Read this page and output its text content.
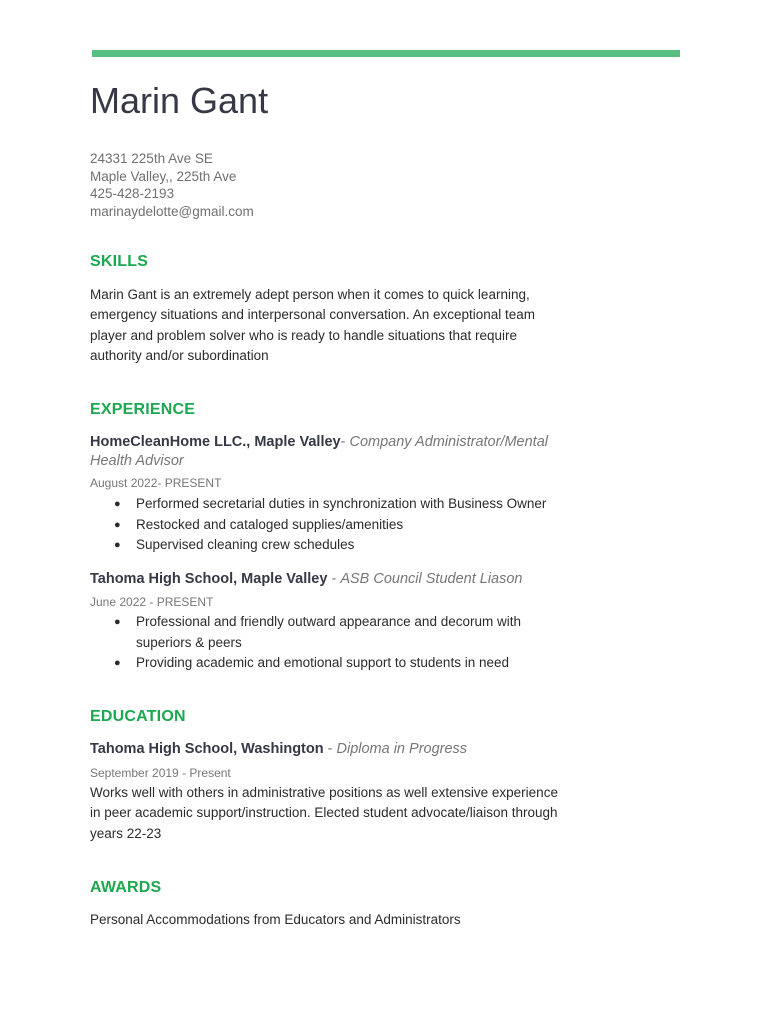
Marin Gant
24331 225th Ave SE
Maple Valley,, 225th Ave
425-428-2193
marinaydelotte@gmail.com
SKILLS
Marin Gant is an extremely adept person when it comes to quick learning, emergency situations and interpersonal conversation. An exceptional team player and problem solver who is ready to handle situations that require authority and/or subordination
EXPERIENCE
HomeCleanHome LLC., Maple Valley- Company Administrator/Mental Health Advisor
August 2022- PRESENT
● Performed secretarial duties in synchronization with Business Owner
● Restocked and cataloged supplies/amenities
● Supervised cleaning crew schedules
Tahoma High School, Maple Valley - ASB Council Student Liason
June 2022 - PRESENT
● Professional and friendly outward appearance and decorum with superiors & peers
● Providing academic and emotional support to students in need
EDUCATION
Tahoma High School, Washington - Diploma in Progress
September 2019 - Present
Works well with others in administrative positions as well extensive experience in peer academic support/instruction. Elected student advocate/liaison through years 22-23
AWARDS
Personal Accommodations from Educators and Administrators
